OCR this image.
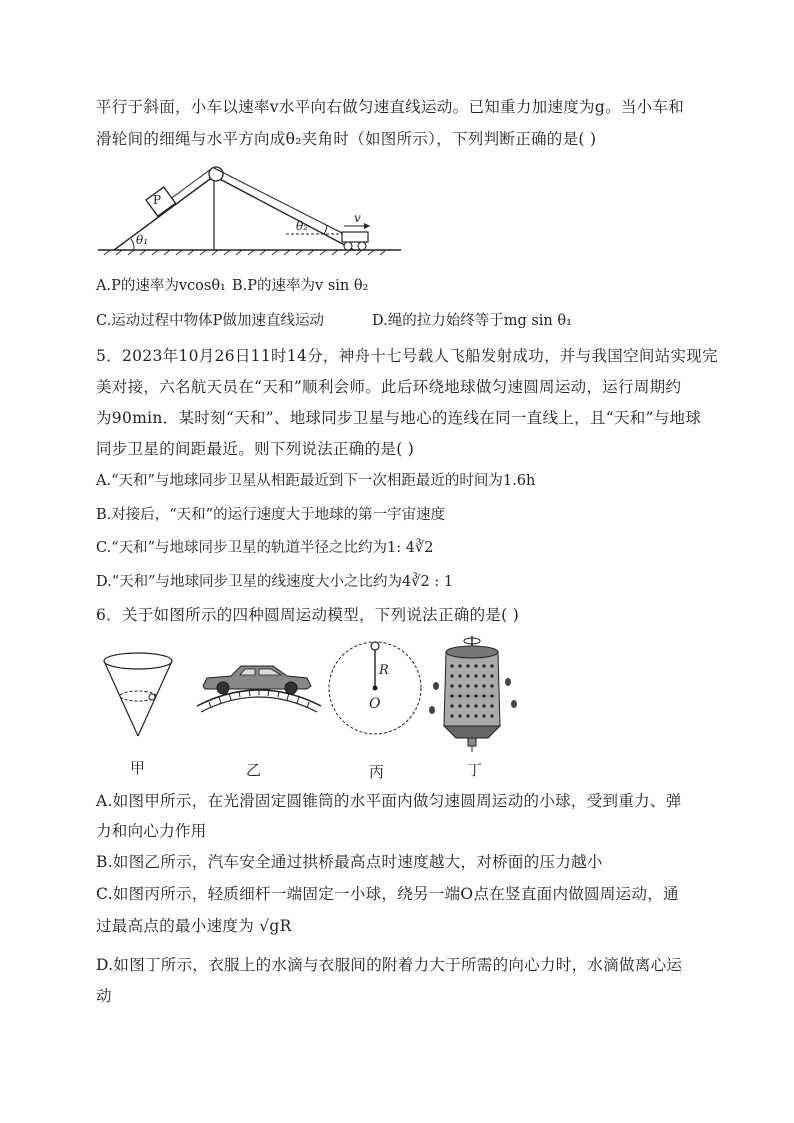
平行于斜面，小车以速率v水平向右做匀速直线运动。已知重力加速度为g。当小车和
滑轮间的细绳与水平方向成θ₂夹角时（如图所示），下列判断正确的是( )
P
θ₁
θ₂
v
A.P的速率为vcosθ₁ B.P的速率为v sin θ₂
C.运动过程中物体P做加速直线运动	D.绳的拉力始终等于mg sin θ₁
5．2023年10月26日11时14分，神舟十七号载人飞船发射成功，并与我国空间站实现完
美对接，六名航天员在“天和”顺利会师。此后环绕地球做匀速圆周运动，运行周期约
为90min．某时刻“天和”、地球同步卫星与地心的连线在同一直线上，且“天和”与地球
同步卫星的间距最近。则下列说法正确的是( )
A.“天和”与地球同步卫星从相距最近到下一次相距最近的时间为1.6h
B.对接后，“天和”的运行速度大于地球的第一宇宙速度
C.“天和”与地球同步卫星的轨道半径之比约为1: 4∛2
D.“天和”与地球同步卫星的线速度大小之比约为4∛2 : 1
6．关于如图所示的四种圆周运动模型，下列说法正确的是( )
R
O
甲	乙	丙	丁
A.如图甲所示，在光滑固定圆锥筒的水平面内做匀速圆周运动的小球，受到重力、弹
力和向心力作用
B.如图乙所示，汽车安全通过拱桥最高点时速度越大，对桥面的压力越小
C.如图丙所示，轻质细杆一端固定一小球，绕另一端O点在竖直面内做圆周运动，通
过最高点的最小速度为 √gR
D.如图丁所示，衣服上的水滴与衣服间的附着力大于所需的向心力时，水滴做离心运
动
